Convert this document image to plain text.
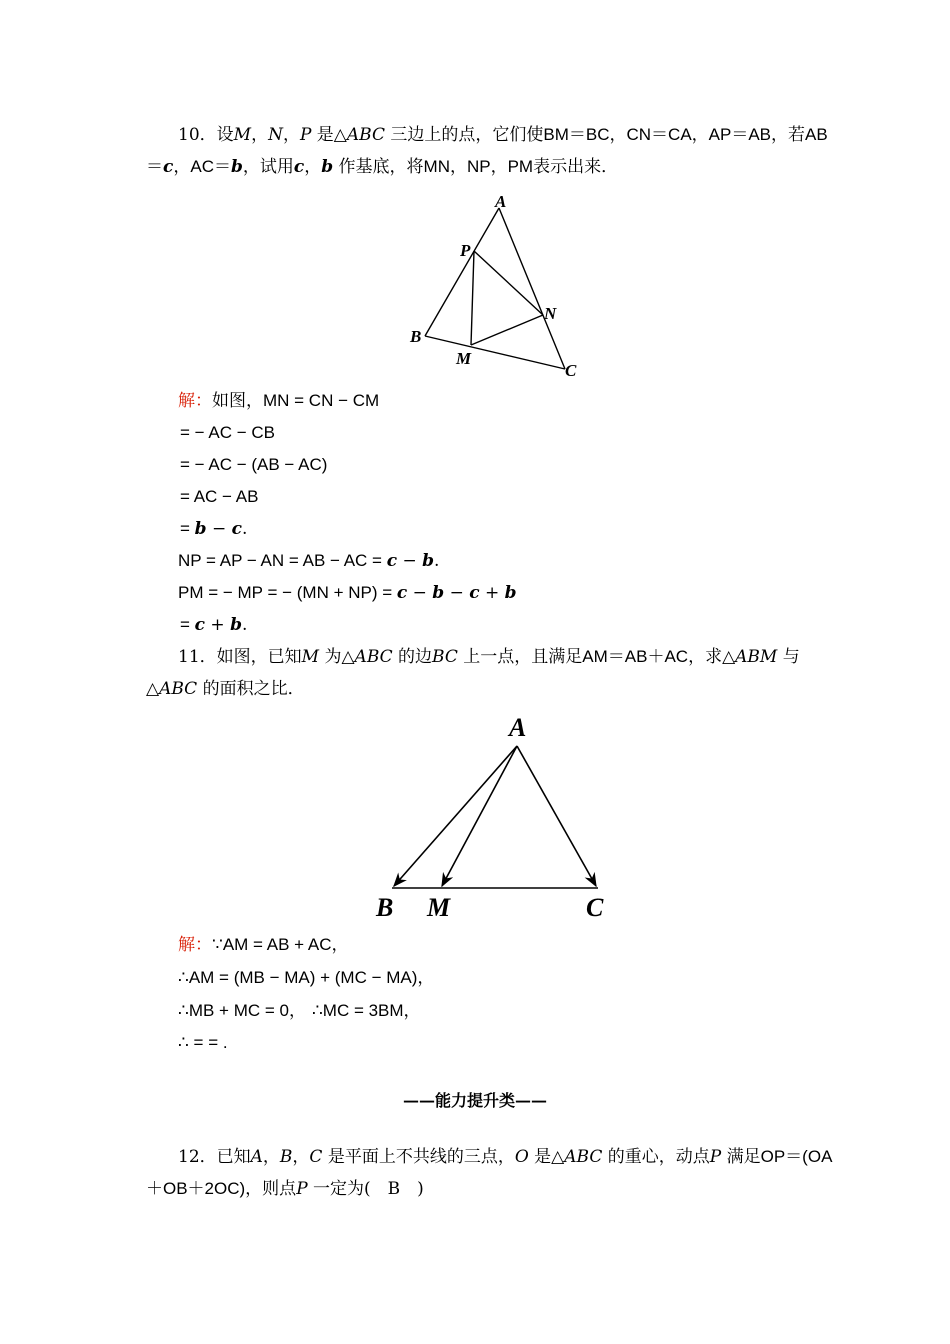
10．设M，N，P 是△ABC 三边上的点，它们使BM＝BC，CN＝CA，AP＝AB，若AB
＝c，AC＝b，试用c，b 作基底，将MN，NP，PM表示出来．
A
P
N
B
M
C
解：如图，MN = CN − CM
= − AC − CB
= − AC − (AB − AC)
= AC − AB
= b − c.
NP = AP − AN = AB − AC = c − b.
PM = − MP = − (MN + NP) = c − b − c + b
= c + b.
11．如图，已知M 为△ABC 的边BC 上一点，且满足AM＝AB＋AC，求△ABM 与
△ABC 的面积之比．
A
B M	C
解：∵AM = AB + AC，
∴AM = (MB − MA) + (MC − MA)，
∴MB + MC = 0， ∴MC = 3BM，
∴ = = .
——能力提升类——
12．已知A，B，C 是平面上不共线的三点，O 是△ABC 的重心，动点P 满足OP＝(OA
＋OB＋2OC)，则点P 一定为(　B　)
